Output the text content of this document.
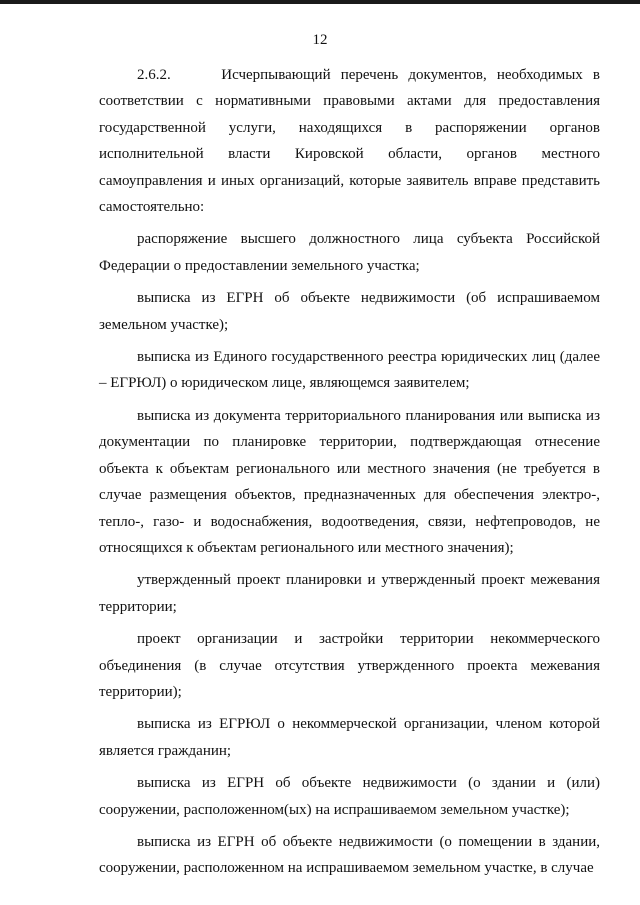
12

2.6.2.     Исчерпывающий перечень документов, необходимых в соответствии с нормативными правовыми актами для предоставления государственной услуги, находящихся в распоряжении органов исполнительной власти Кировской области, органов местного самоуправления и иных организаций, которые заявитель вправе представить самостоятельно:

распоряжение высшего должностного лица субъекта Российской Федерации о предоставлении земельного участка;

выписка из ЕГРН об объекте недвижимости (об испрашиваемом земельном участке);

выписка из Единого государственного реестра юридических лиц (далее – ЕГРЮЛ) о юридическом лице, являющемся заявителем;

выписка из документа территориального планирования или выписка из документации по планировке территории, подтверждающая отнесение объекта к объектам регионального или местного значения (не требуется в случае размещения объектов, предназначенных для обеспечения электро-, тепло-, газо- и водоснабжения, водоотведения, связи, нефтепроводов, не относящихся к объектам регионального или местного значения);

утвержденный проект планировки и утвержденный проект межевания территории;

проект организации и застройки территории некоммерческого объединения (в случае отсутствия утвержденного проекта межевания территории);

выписка из ЕГРЮЛ о некоммерческой организации, членом которой является гражданин;

выписка из ЕГРН об объекте недвижимости (о здании и (или) сооружении, расположенном(ых) на испрашиваемом земельном участке);

выписка из ЕГРН об объекте недвижимости (о помещении в здании, сооружении, расположенном на испрашиваемом земельном участке, в случае
